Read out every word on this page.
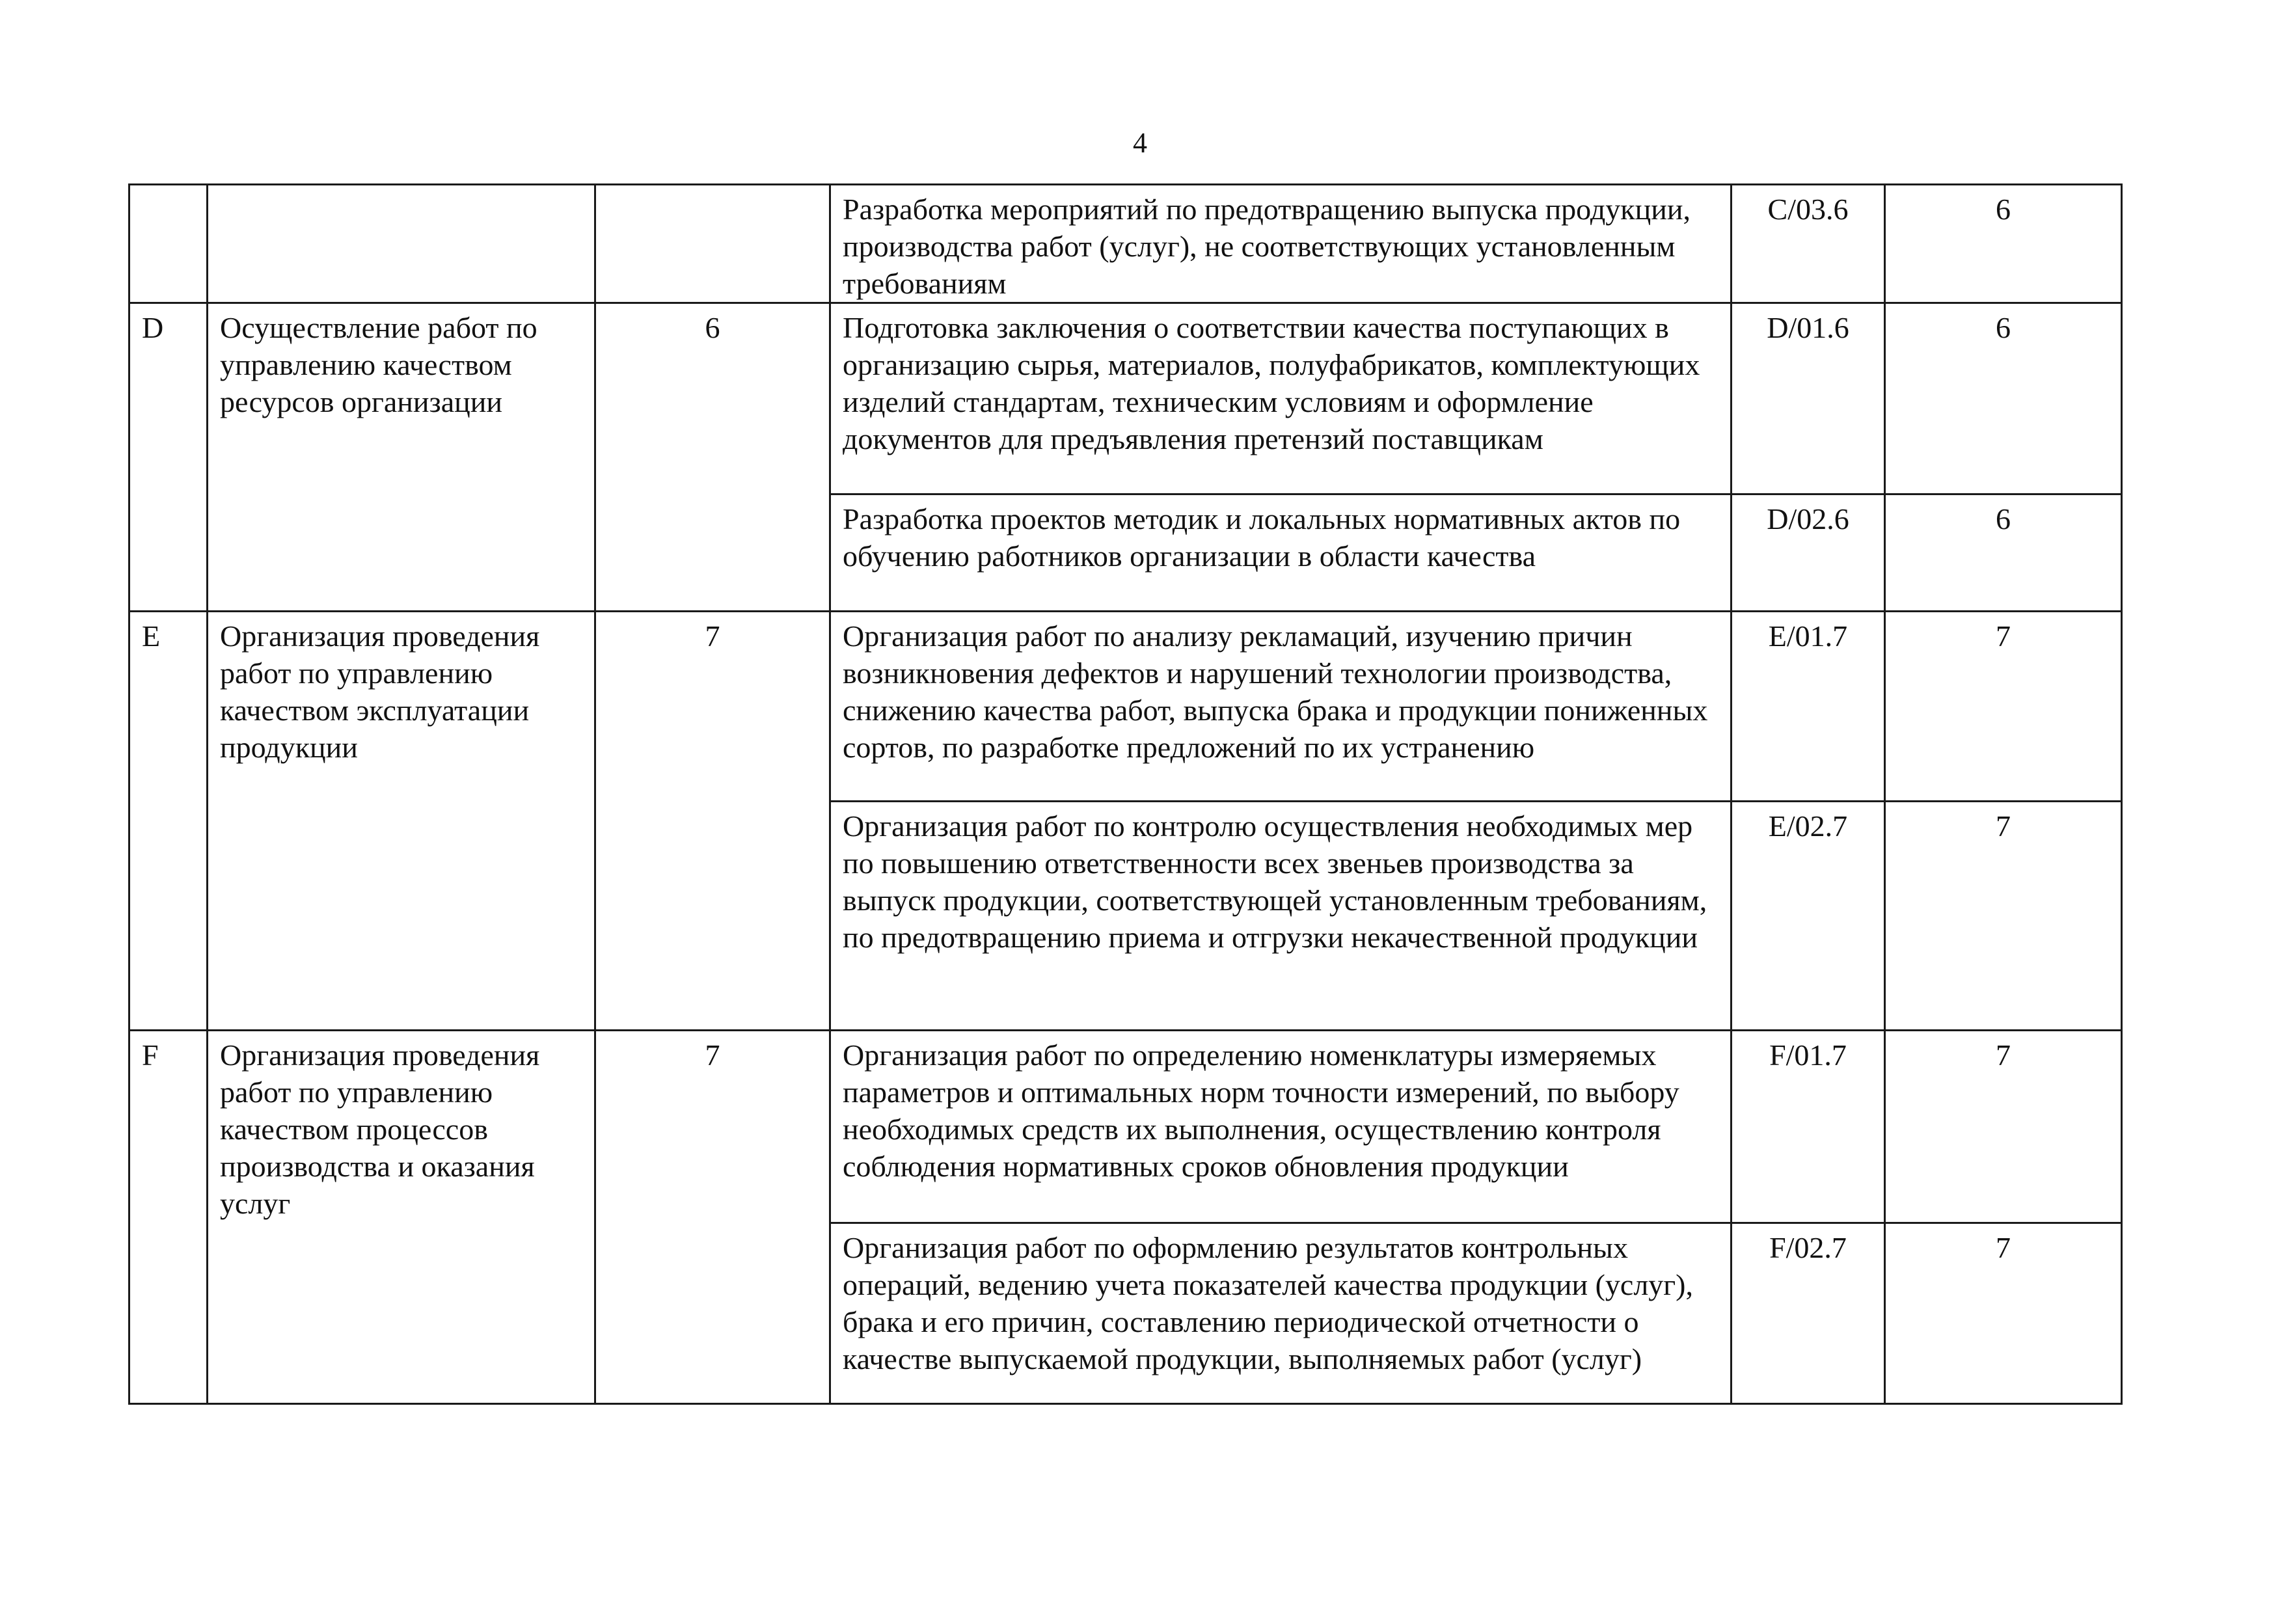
4
			Разработка мероприятий по предотвращению выпуска продукции, производства работ (услуг), не соответствующих установленным требованиям	C/03.6	6
D	Осуществление работ по управлению качеством ресурсов организации	6	Подготовка заключения о соответствии качества поступающих в организацию сырья, материалов, полуфабрикатов, комплектующих изделий стандартам, техническим условиям и оформление документов для предъявления претензий поставщикам	D/01.6	6
			Разработка проектов методик и локальных нормативных актов по обучению работников организации в области качества	D/02.6	6
E	Организация проведения работ по управлению качеством эксплуатации продукции	7	Организация работ по анализу рекламаций, изучению причин возникновения дефектов и нарушений технологии производства, снижению качества работ, выпуска брака и продукции пониженных сортов, по разработке предложений по их устранению	E/01.7	7
			Организация работ по контролю осуществления необходимых мер по повышению ответственности всех звеньев производства за выпуск продукции, соответствующей установленным требованиям, по предотвращению приема и отгрузки некачественной продукции	E/02.7	7
F	Организация проведения работ по управлению качеством процессов производства и оказания услуг	7	Организация работ по определению номенклатуры измеряемых параметров и оптимальных норм точности измерений, по выбору необходимых средств их выполнения, осуществлению контроля соблюдения нормативных сроков обновления продукции	F/01.7	7
			Организация работ по оформлению результатов контрольных операций, ведению учета показателей качества продукции (услуг), брака и его причин, составлению периодической отчетности о качестве выпускаемой продукции, выполняемых работ (услуг)	F/02.7	7
